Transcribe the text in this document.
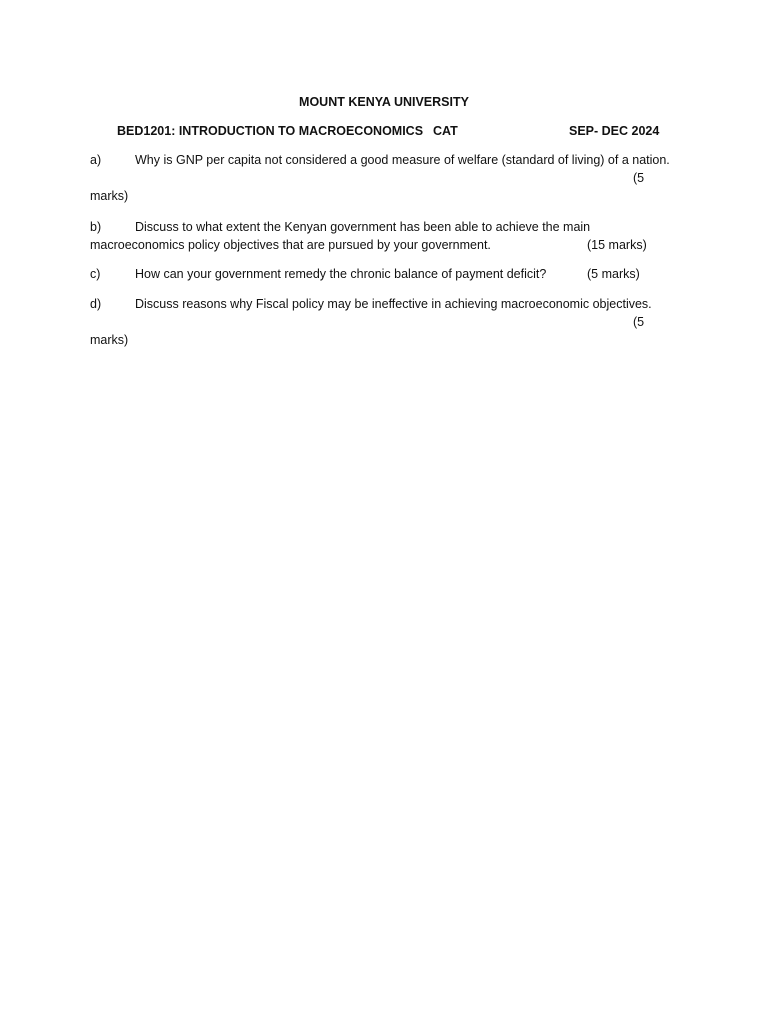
MOUNT KENYA UNIVERSITY
BED1201: INTRODUCTION TO MACROECONOMICS CAT	SEP- DEC 2024
a)	Why is GNP per capita not considered a good measure of welfare (standard of living) of a nation.
(5
marks)
b)	Discuss to what extent the Kenyan government has been able to achieve the main
macroeconomics policy objectives that are pursued by your government.	(15 marks)
c)	How can your government remedy the chronic balance of payment deficit?	(5 marks)
d)	Discuss reasons why Fiscal policy may be ineffective in achieving macroeconomic objectives.
(5
marks)
